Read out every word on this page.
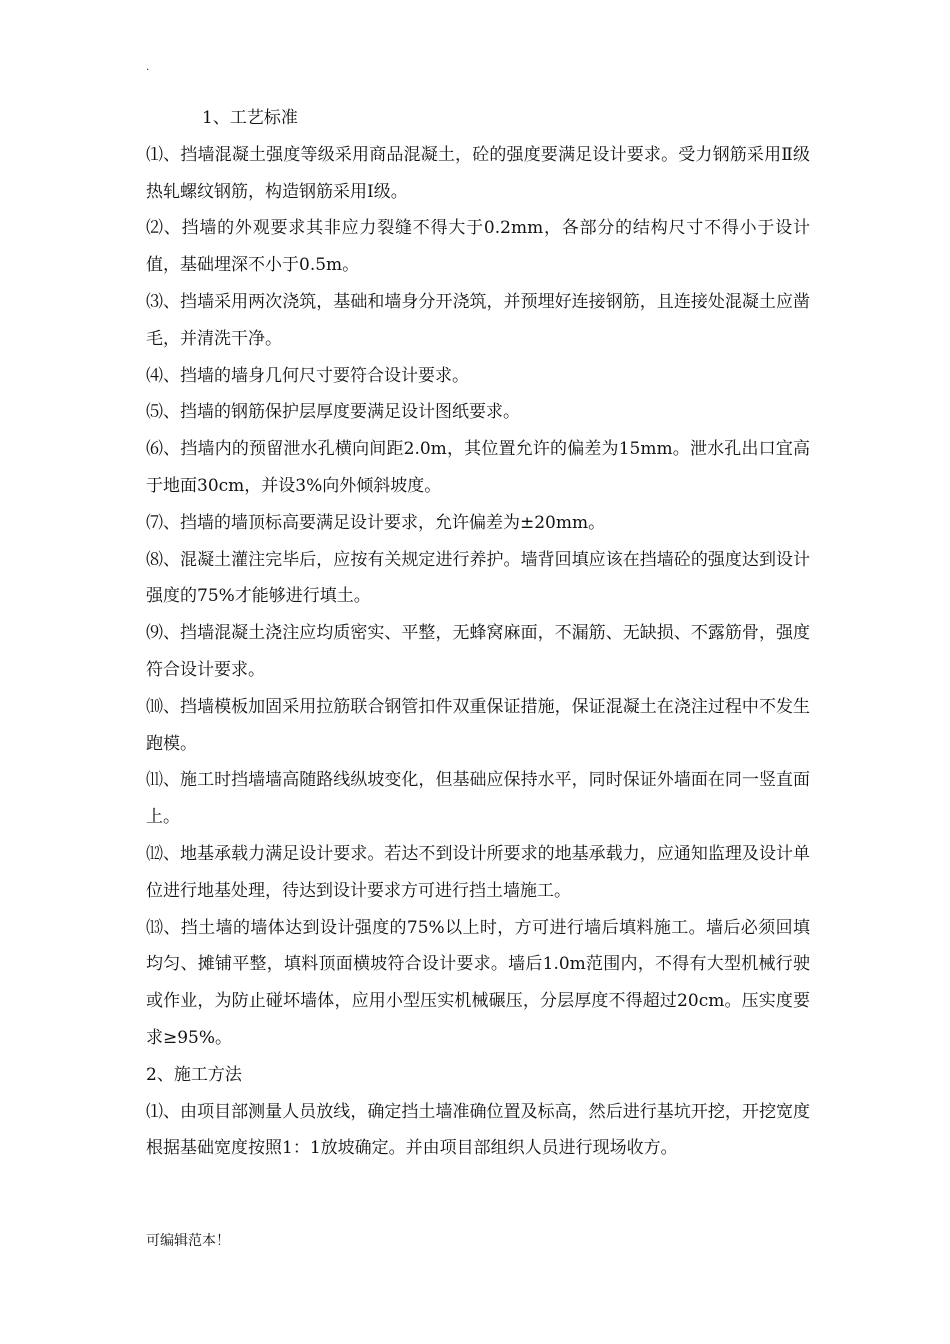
.

1、工艺标准

⑴、挡墙混凝土强度等级采用商品混凝土，砼的强度要满足设计要求。受力钢筋采用Ⅱ级热轧螺纹钢筋，构造钢筋采用Ⅰ级。

⑵、挡墙的外观要求其非应力裂缝不得大于0.2mm，各部分的结构尺寸不得小于设计值，基础埋深不小于0.5m。

⑶、挡墙采用两次浇筑，基础和墙身分开浇筑，并预埋好连接钢筋，且连接处混凝土应凿毛，并清洗干净。

⑷、挡墙的墙身几何尺寸要符合设计要求。

⑸、挡墙的钢筋保护层厚度要满足设计图纸要求。

⑹、挡墙内的预留泄水孔横向间距2.0m，其位置允许的偏差为15mm。泄水孔出口宜高于地面30cm，并设3%向外倾斜坡度。

⑺、挡墙的墙顶标高要满足设计要求，允许偏差为±20mm。

⑻、混凝土灌注完毕后，应按有关规定进行养护。墙背回填应该在挡墙砼的强度达到设计强度的75%才能够进行填土。

⑼、挡墙混凝土浇注应均质密实、平整，无蜂窝麻面，不漏筋、无缺损、不露筋骨，强度符合设计要求。

⑽、挡墙模板加固采用拉筋联合钢管扣件双重保证措施，保证混凝土在浇注过程中不发生跑模。

⑾、施工时挡墙墙高随路线纵坡变化，但基础应保持水平，同时保证外墙面在同一竖直面上。

⑿、地基承载力满足设计要求。若达不到设计所要求的地基承载力，应通知监理及设计单位进行地基处理，待达到设计要求方可进行挡土墙施工。

⒀、挡土墙的墙体达到设计强度的75%以上时，方可进行墙后填料施工。墙后必须回填均匀、摊铺平整，填料顶面横坡符合设计要求。墙后1.0m范围内，不得有大型机械行驶或作业，为防止碰坏墙体，应用小型压实机械碾压，分层厚度不得超过20cm。压实度要求≥95%。

2、施工方法

⑴、由项目部测量人员放线，确定挡土墙准确位置及标高，然后进行基坑开挖，开挖宽度根据基础宽度按照1：1放坡确定。并由项目部组织人员进行现场收方。

可编辑范本！
